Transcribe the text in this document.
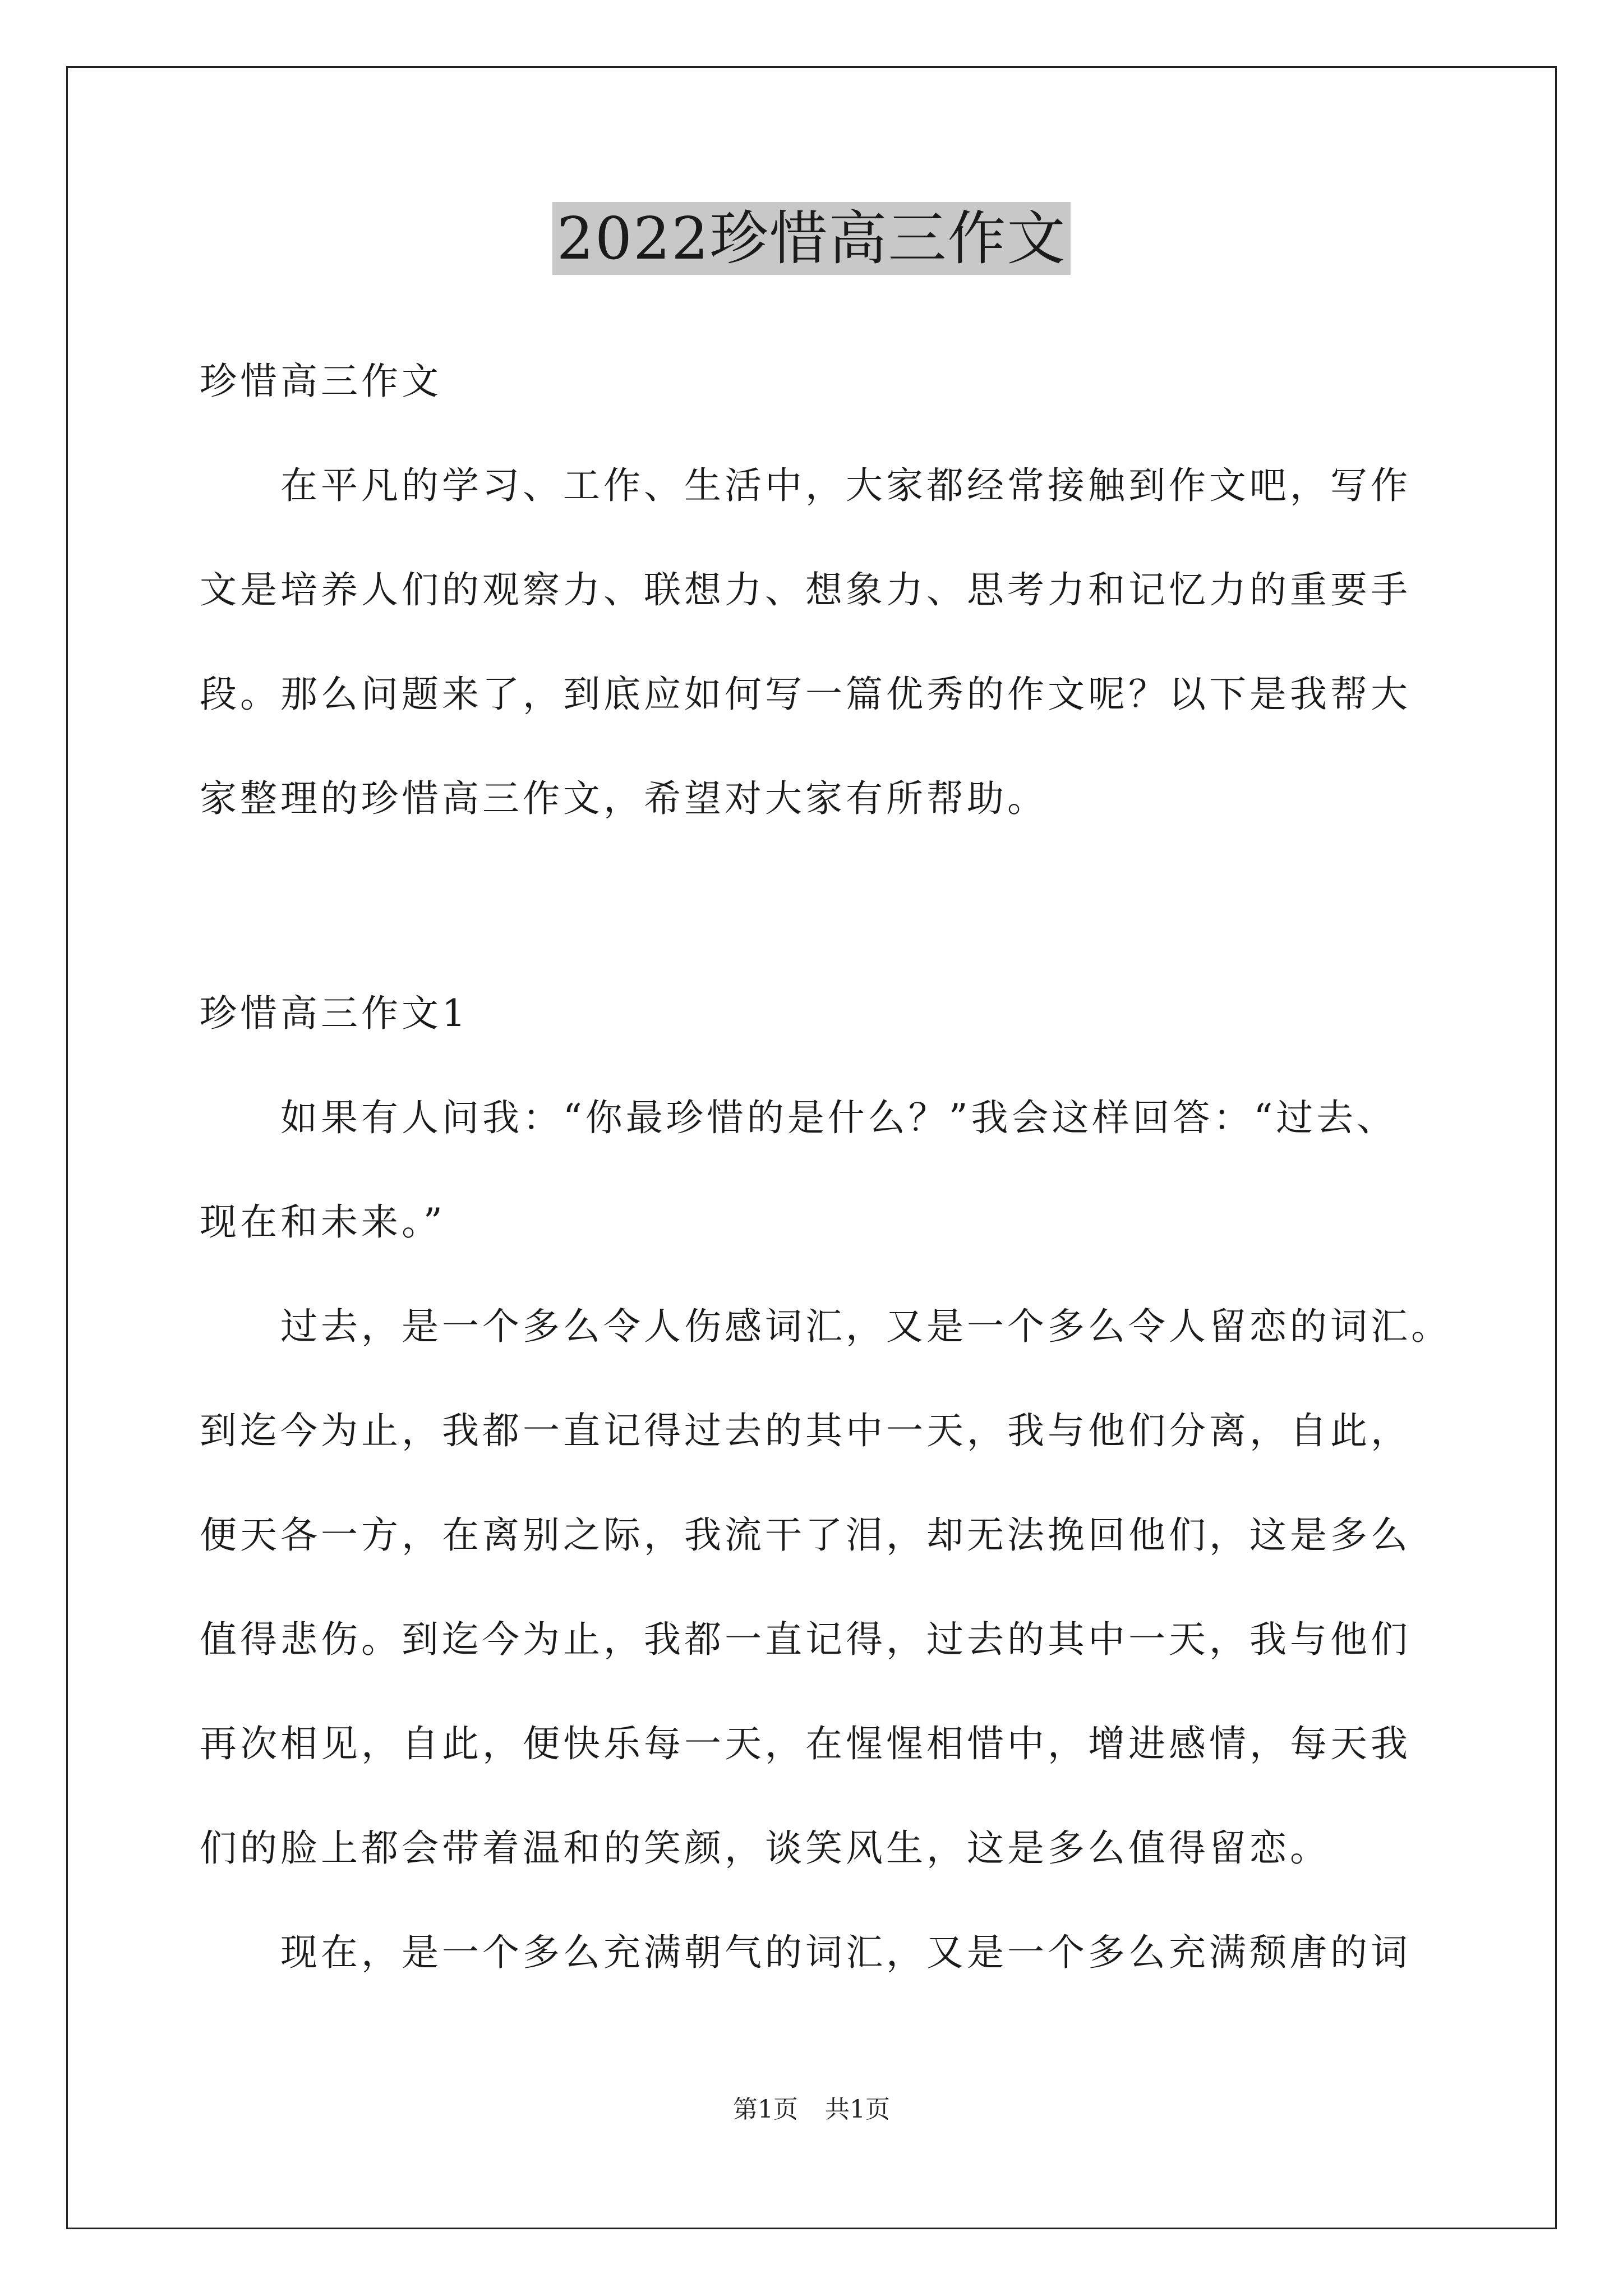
2022珍惜高三作文
珍惜高三作文
在平凡的学习、工作、生活中，大家都经常接触到作文吧，写作
文是培养人们的观察力、联想力、想象力、思考力和记忆力的重要手
段。那么问题来了，到底应如何写一篇优秀的作文呢？以下是我帮大
家整理的珍惜高三作文，希望对大家有所帮助。
珍惜高三作文1
如果有人问我：“你最珍惜的是什么？”我会这样回答：“过去、
现在和未来。”
过去，是一个多么令人伤感词汇，又是一个多么令人留恋的词汇。
到迄今为止，我都一直记得过去的其中一天，我与他们分离，自此，
便天各一方，在离别之际，我流干了泪，却无法挽回他们，这是多么
值得悲伤。到迄今为止，我都一直记得，过去的其中一天，我与他们
再次相见，自此，便快乐每一天，在惺惺相惜中，增进感情，每天我
们的脸上都会带着温和的笑颜，谈笑风生，这是多么值得留恋。
现在，是一个多么充满朝气的词汇，又是一个多么充满颓唐的词
第1页 共1页
